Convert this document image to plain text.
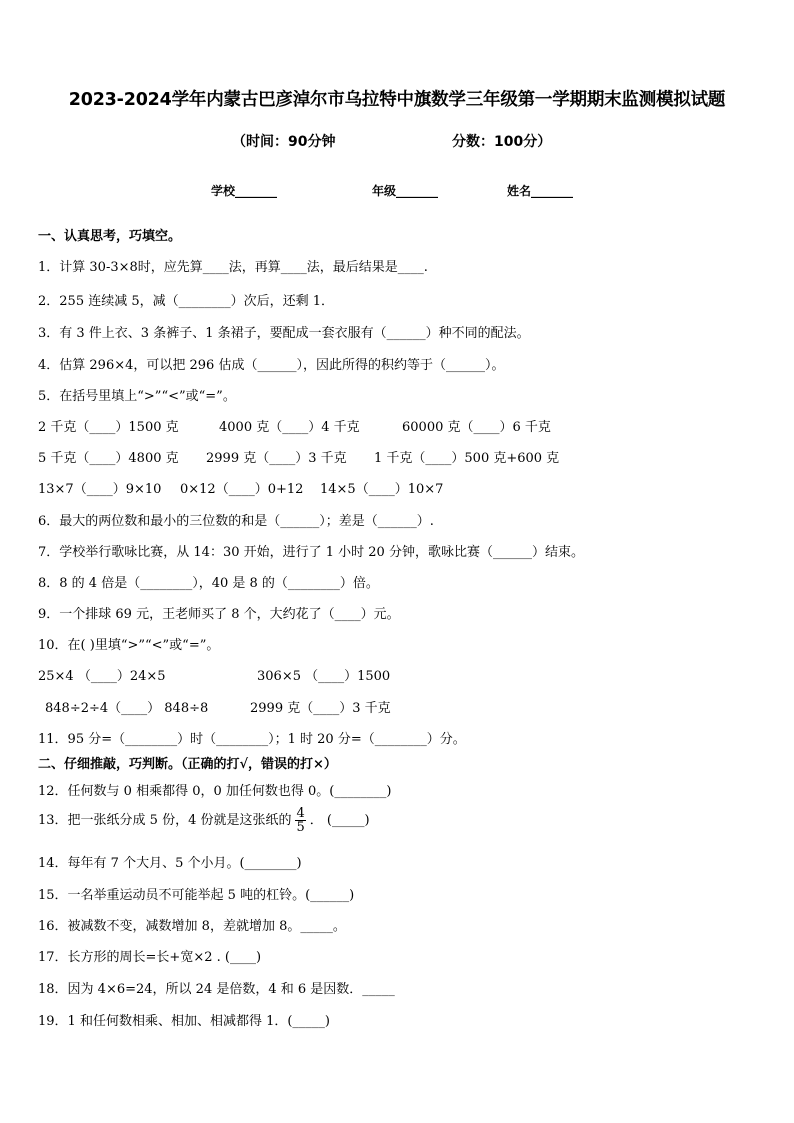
2023-2024学年内蒙古巴彦淖尔市乌拉特中旗数学三年级第一学期期末监测模拟试题
（时间：90分钟	分数：100分）
学校_______	年级_______	姓名_______
一、认真思考，巧填空。
1．计算 30-3×8时，应先算____法，再算____法，最后结果是____.
2．255 连续减 5，减（________）次后，还剩 1．
3．有 3 件上衣、3 条裤子、1 条裙子，要配成一套衣服有（______）种不同的配法。
4．估算 296×4，可以把 296 估成（______），因此所得的积约等于（______）。
5．在括号里填上“>”“<”或“=”。
2 千克（____）1500 克	4000 克（____）4 千克	60000 克（____）6 千克
5 千克（____）4800 克 2999 克（____）3 千克 1 千克（____）500 克+600 克
13×7（____）9×10 0×12（____）0+12 14×5（____）10×7
6．最大的两位数和最小的三位数的和是（______）；差是（______）.
7．学校举行歌咏比赛，从 14：30 开始，进行了 1 小时 20 分钟，歌咏比赛（______）结束。
8．8 的 4 倍是（________），40 是 8 的（________）倍。
9．一个排球 69 元，王老师买了 8 个，大约花了（____）元。
10．在( )里填“>”“<”或“=”。
25×4 （____）24×5	306×5 （____）1500
848÷2÷4（____） 848÷8	2999 克（____）3 千克
11．95 分=（________）时（________）；1 时 20 分=（________）分。
二、仔细推敲，巧判断。（正确的打√，错误的打×）
12．任何数与 0 相乘都得 0，0 加任何数也得 0。(________)
13．把一张纸分成 5 份，4 份就是这张纸的 $\frac{4}{5}$ ． (_____)
14．每年有 7 个大月、5 个小月。(________)
15．一名举重运动员不可能举起 5 吨的杠铃。(______)
16．被减数不变，减数增加 8，差就增加 8。_____。
17．长方形的周长=长+宽×2 . (____)
18．因为 4×6=24，所以 24 是倍数，4 和 6 是因数．_____
19．1 和任何数相乘、相加、相减都得 1．(_____)
